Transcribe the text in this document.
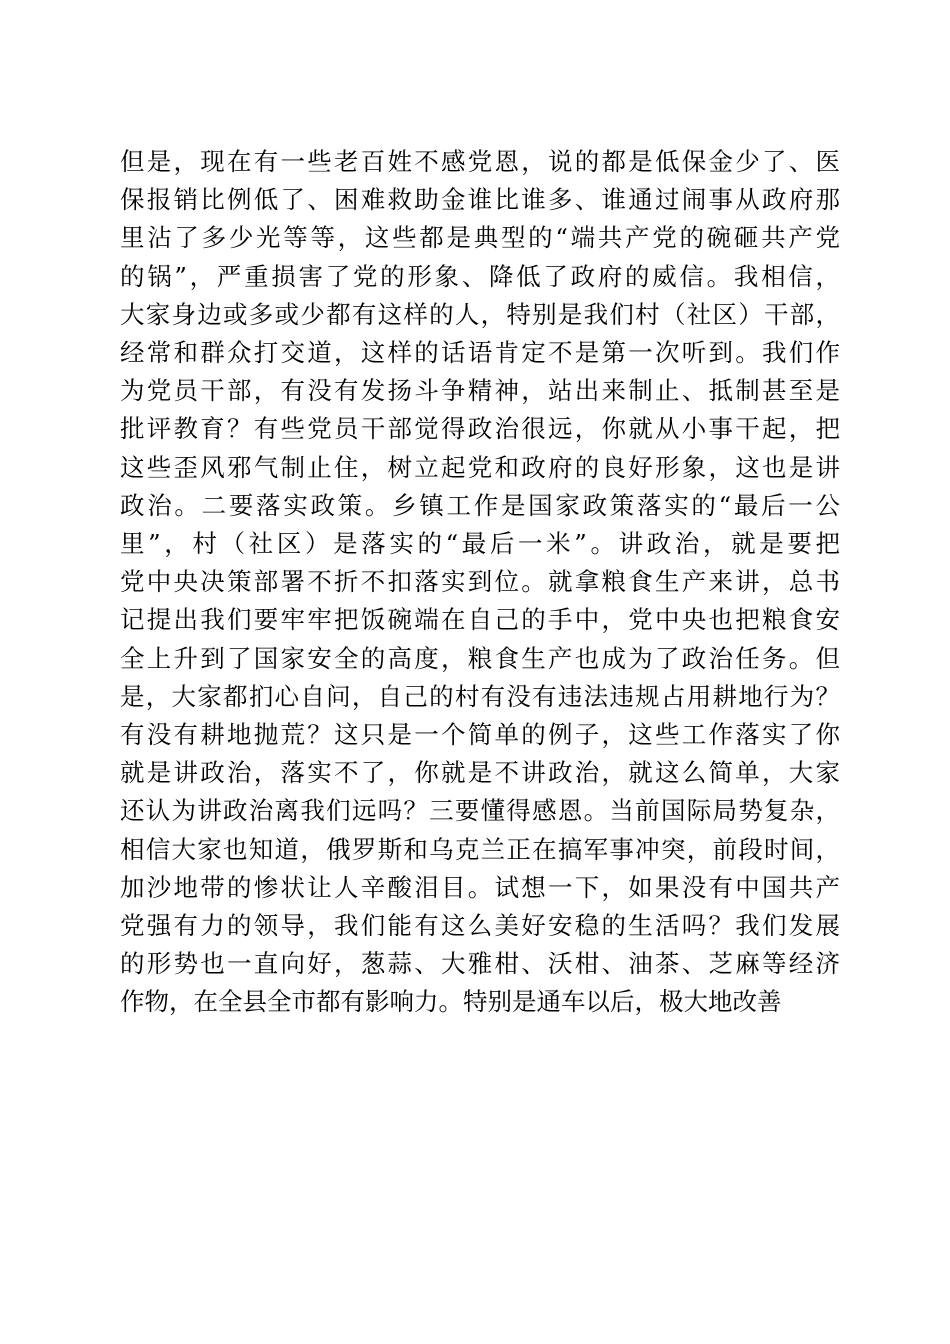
但是，现在有一些老百姓不感党恩，说的都是低保金少了、医
保报销比例低了、困难救助金谁比谁多、谁通过闹事从政府那
里沾了多少光等等，这些都是典型的“端共产党的碗砸共产党
的锅”，严重损害了党的形象、降低了政府的威信。我相信，
大家身边或多或少都有这样的人，特别是我们村（社区）干部，
经常和群众打交道，这样的话语肯定不是第一次听到。我们作
为党员干部，有没有发扬斗争精神，站出来制止、抵制甚至是
批评教育？有些党员干部觉得政治很远，你就从小事干起，把
这些歪风邪气制止住，树立起党和政府的良好形象，这也是讲
政治。二要落实政策。乡镇工作是国家政策落实的“最后一公
里”，村（社区）是落实的“最后一米”。讲政治，就是要把
党中央决策部署不折不扣落实到位。就拿粮食生产来讲，总书
记提出我们要牢牢把饭碗端在自己的手中，党中央也把粮食安
全上升到了国家安全的高度，粮食生产也成为了政治任务。但
是，大家都扪心自问，自己的村有没有违法违规占用耕地行为？
有没有耕地抛荒？这只是一个简单的例子，这些工作落实了你
就是讲政治，落实不了，你就是不讲政治，就这么简单，大家
还认为讲政治离我们远吗？三要懂得感恩。当前国际局势复杂，
相信大家也知道，俄罗斯和乌克兰正在搞军事冲突，前段时间，
加沙地带的惨状让人辛酸泪目。试想一下，如果没有中国共产
党强有力的领导，我们能有这么美好安稳的生活吗？我们发展
的形势也一直向好，葱蒜、大雅柑、沃柑、油茶、芝麻等经济
作物，在全县全市都有影响力。特别是通车以后，极大地改善
